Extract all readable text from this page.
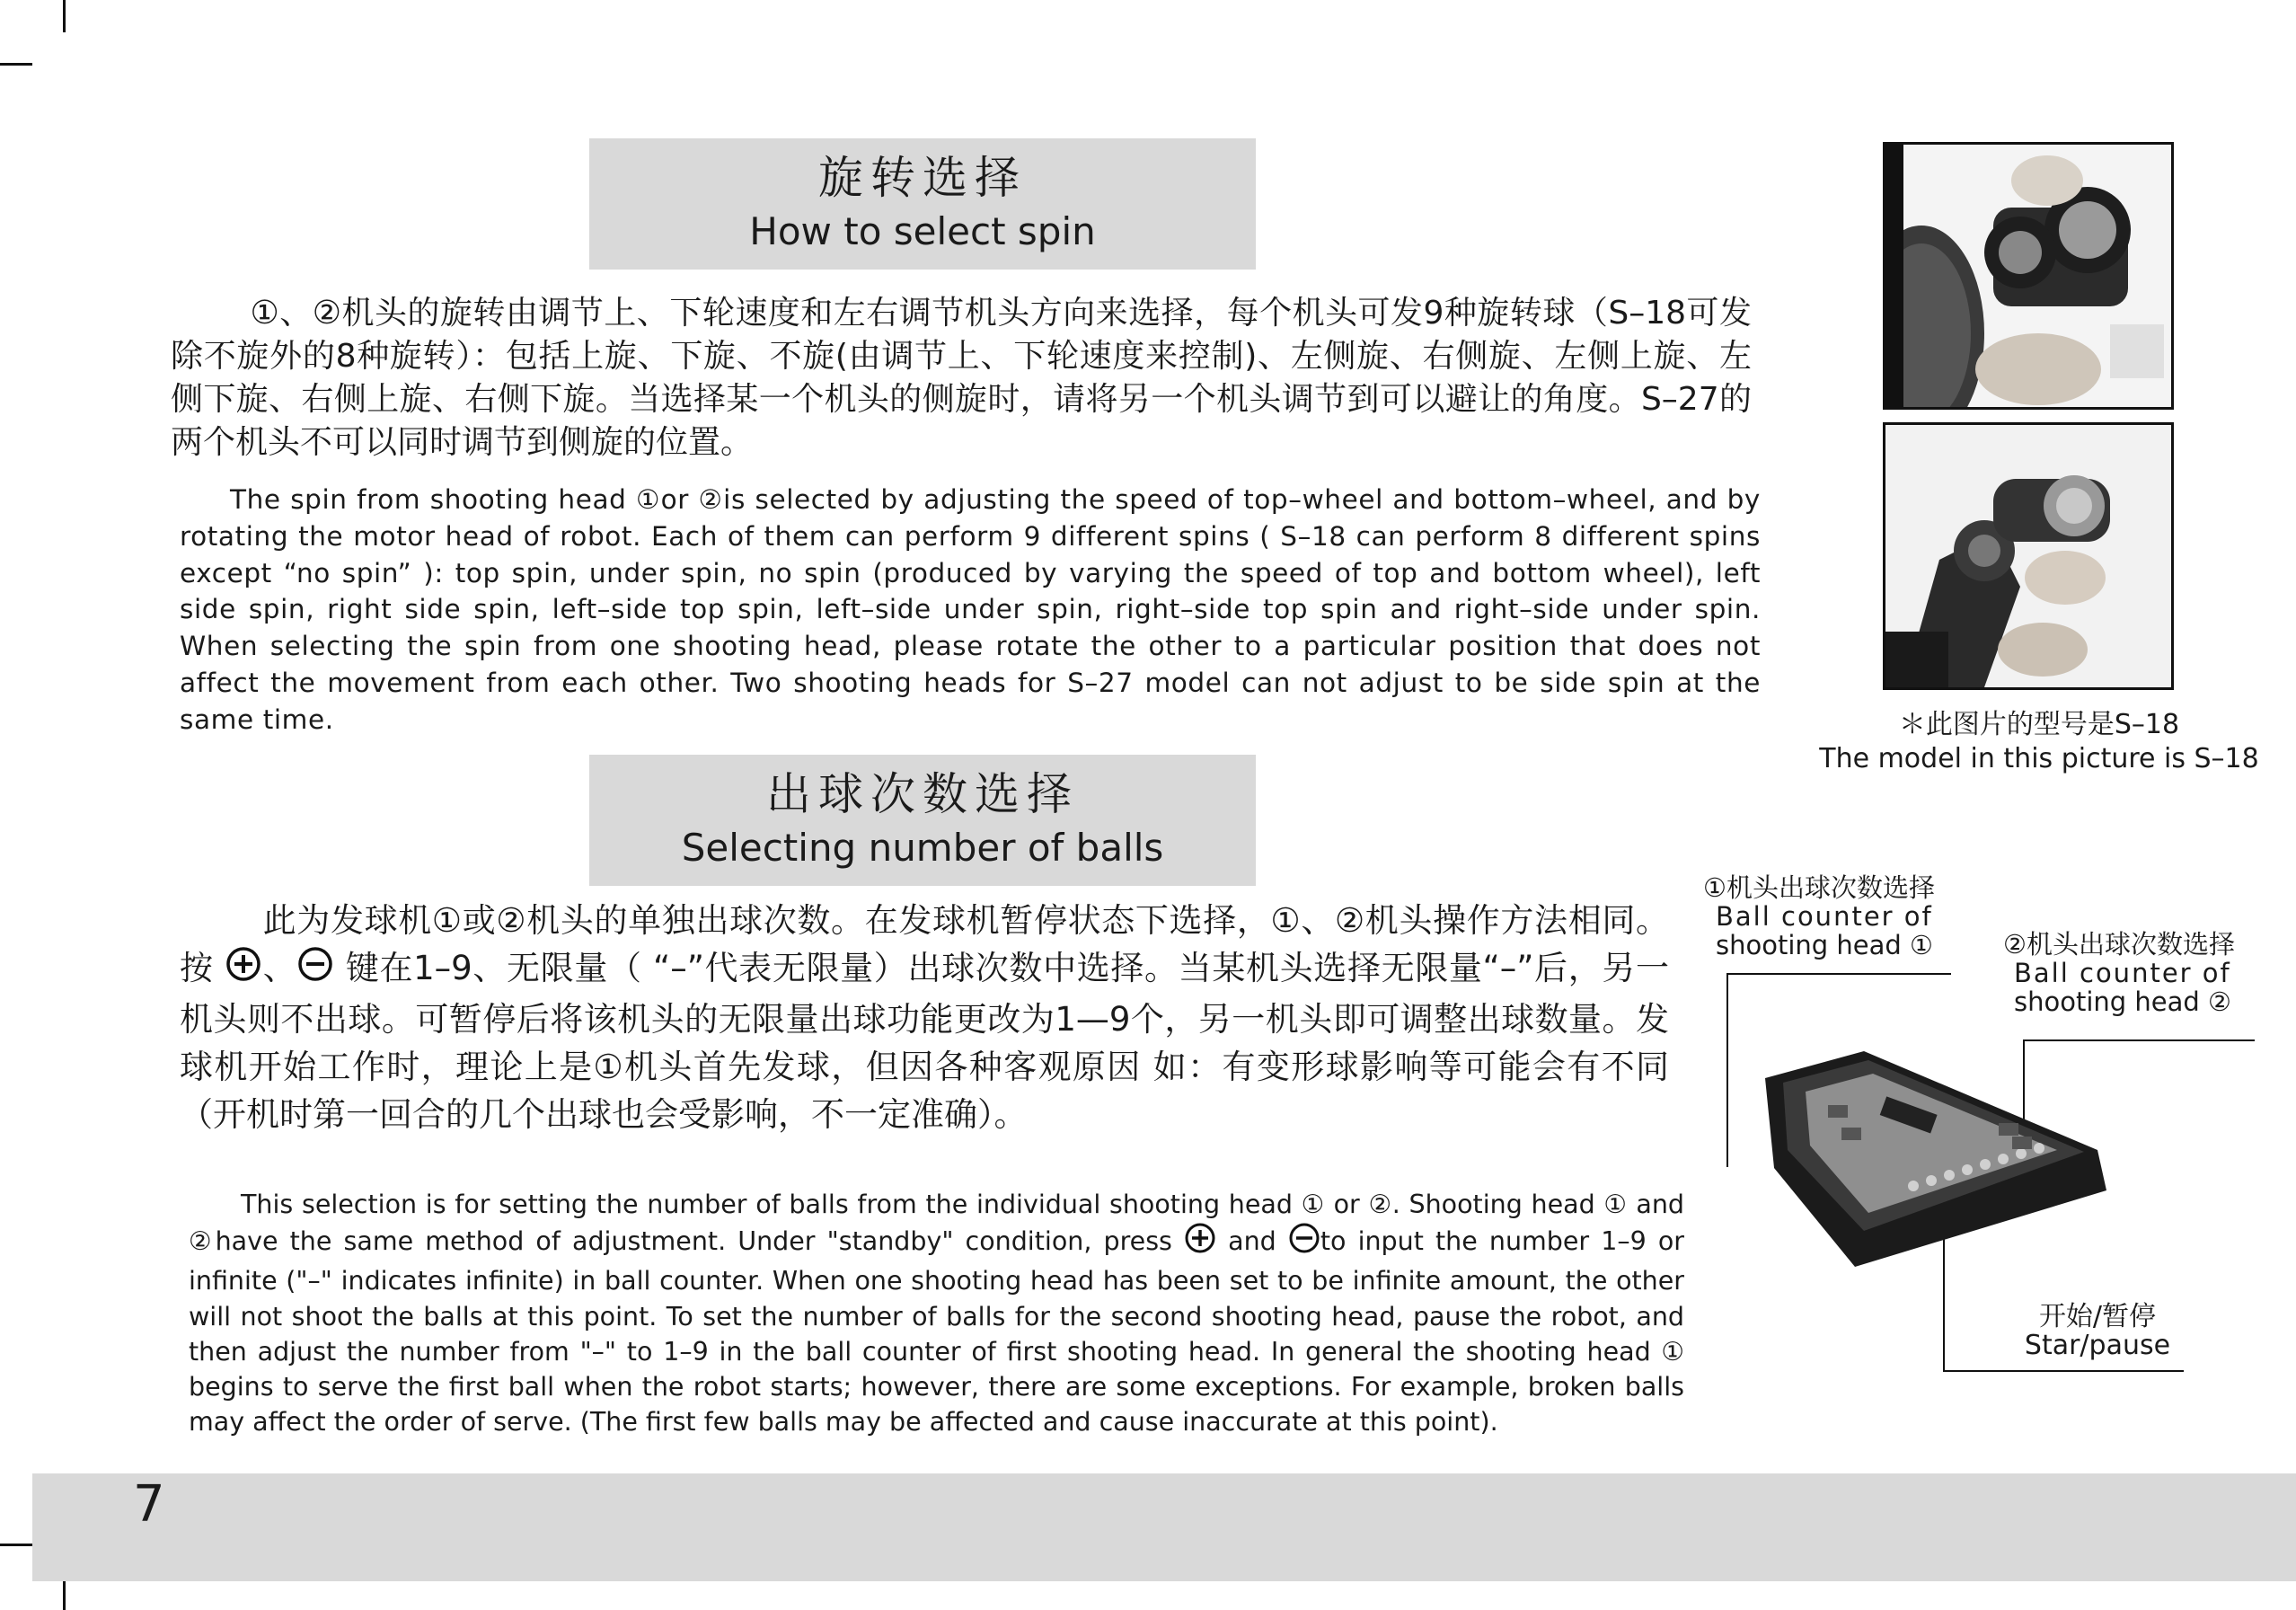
旋转选择
How to select spin
①、②机头的旋转由调节上、下轮速度和左右调节机头方向来选择，每个机头可发9种旋转球（S–18可发除不旋外的8种旋转）：包括上旋、下旋、不旋(由调节上、下轮速度来控制)、左侧旋、右侧旋、左侧上旋、左侧下旋、右侧上旋、右侧下旋。当选择某一个机头的侧旋时，请将另一个机头调节到可以避让的角度。S–27的两个机头不可以同时调节到侧旋的位置。
The spin from shooting head ①or ②is selected by adjusting the speed of top–wheel and bottom–wheel, and by rotating the motor head of robot. Each of them can perform 9 different spins ( S–18 can perform 8 different spins except “no spin” ): top spin, under spin, no spin (produced by varying the speed of top and bottom wheel), left side spin, right side spin, left–side top spin, left–side under spin, right–side top spin and right–side under spin. When selecting the spin from one shooting head, please rotate the other to a particular position that does not affect the movement from each other. Two shooting heads for S–27 model can not adjust to be side spin at the same time.
出球次数选择
Selecting number of balls
此为发球机①或②机头的单独出球次数。在发球机暂停状态下选择，①、②机头操作方法相同。按 、 键在1–9、无限量（ “–”代表无限量）出球次数中选择。当某机头选择无限量“–”后，另一机头则不出球。可暂停后将该机头的无限量出球功能更改为1—9个，另一机头即可调整出球数量。发球机开始工作时，理论上是①机头首先发球，但因各种客观原因 如：有变形球影响等可能会有不同（开机时第一回合的几个出球也会受影响，不一定准确）。
This selection is for setting the number of balls from the individual shooting head ① or ②. Shooting head ① and ②have the same method of adjustment. Under "standby" condition, press  and to input the number 1–9 or infinite ("–" indicates infinite) in ball counter. When one shooting head has been set to be infinite amount, the other will not shoot the balls at this point. To set the number of balls for the second shooting head, pause the robot, and then adjust the number from "–" to 1–9 in the ball counter of first shooting head. In general the shooting head ① begins to serve the first ball when the robot starts; however, there are some exceptions. For example, broken balls may affect the order of serve. (The first few balls may be affected and cause inaccurate at this point).
＊此图片的型号是S–18
The model in this picture is S–18
①机头出球次数选择
Ball counter of
shooting head ①	②机头出球次数选择
Ball counter of
shooting head ②
开始/暂停
Star/pause
7
